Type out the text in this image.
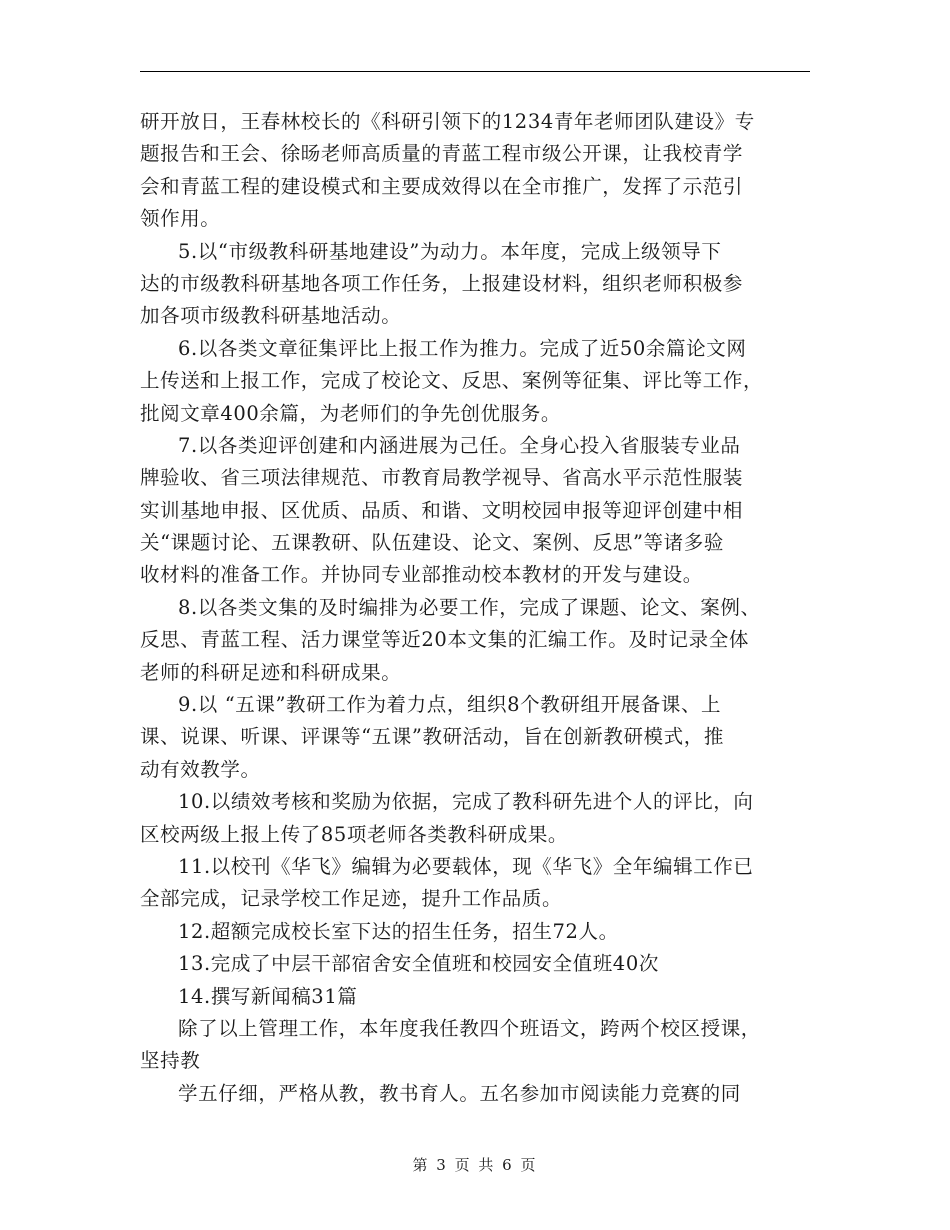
研开放日，王春林校长的《科研引领下的1234青年老师团队建设》专
题报告和王会、徐旸老师高质量的青蓝工程市级公开课，让我校青学
会和青蓝工程的建设模式和主要成效得以在全市推广，发挥了示范引
领作用。
5.以“市级教科研基地建设”为动力。本年度，完成上级领导下
达的市级教科研基地各项工作任务，上报建设材料，组织老师积极参
加各项市级教科研基地活动。
6.以各类文章征集评比上报工作为推力。完成了近50余篇论文网
上传送和上报工作，完成了校论文、反思、案例等征集、评比等工作，
批阅文章400余篇，为老师们的争先创优服务。
7.以各类迎评创建和内涵进展为己任。全身心投入省服装专业品
牌验收、省三项法律规范、市教育局教学视导、省高水平示范性服装
实训基地申报、区优质、品质、和谐、文明校园申报等迎评创建中相
关“课题讨论、五课教研、队伍建设、论文、案例、反思”等诸多验
收材料的准备工作。并协同专业部推动校本教材的开发与建设。
8.以各类文集的及时编排为必要工作，完成了课题、论文、案例、
反思、青蓝工程、活力课堂等近20本文集的汇编工作。及时记录全体
老师的科研足迹和科研成果。
9.以 “五课”教研工作为着力点，组织8个教研组开展备课、上
课、说课、听课、评课等“五课”教研活动，旨在创新教研模式，推
动有效教学。
10.以绩效考核和奖励为依据，完成了教科研先进个人的评比，向
区校两级上报上传了85项老师各类教科研成果。
11.以校刊《华飞》编辑为必要载体，现《华飞》全年编辑工作已
全部完成，记录学校工作足迹，提升工作品质。
12.超额完成校长室下达的招生任务，招生72人。
13.完成了中层干部宿舍安全值班和校园安全值班40次
14.撰写新闻稿31篇
除了以上管理工作，本年度我任教四个班语文，跨两个校区授课，
坚持教
学五仔细，严格从教，教书育人。五名参加市阅读能力竞赛的同
第 3 页 共 6 页
